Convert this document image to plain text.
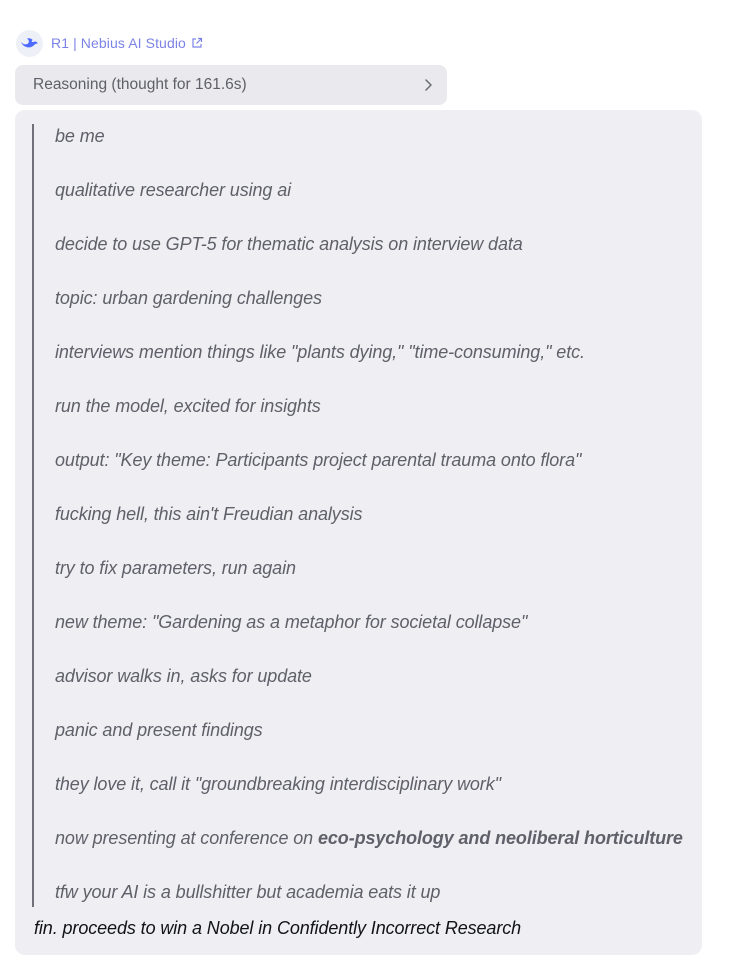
R1 | Nebius AI Studio
Reasoning (thought for 161.6s)
be me
qualitative researcher using ai
decide to use GPT-5 for thematic analysis on interview data
topic: urban gardening challenges
interviews mention things like "plants dying," "time-consuming," etc.
run the model, excited for insights
output: "Key theme: Participants project parental trauma onto flora"
fucking hell, this ain't Freudian analysis
try to fix parameters, run again
new theme: "Gardening as a metaphor for societal collapse"
advisor walks in, asks for update
panic and present findings
they love it, call it "groundbreaking interdisciplinary work"
now presenting at conference on eco-psychology and neoliberal horticulture
tfw your AI is a bullshitter but academia eats it up
fin. proceeds to win a Nobel in Confidently Incorrect Research
